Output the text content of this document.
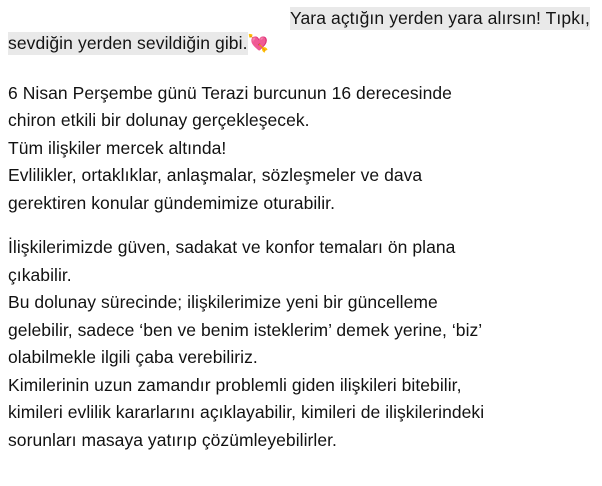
Yara açtığın yerden yara alırsın! Tıpkı,
sevdiğin yerden sevildiğin gibi.💘

6 Nisan Perşembe günü Terazi burcunun 16 derecesinde
chiron etkili bir dolunay gerçekleşecek.
Tüm ilişkiler mercek altında!
Evlilikler, ortaklıklar, anlaşmalar, sözleşmeler ve dava
gerektiren konular gündemimize oturabilir.

İlişkilerimizde güven, sadakat ve konfor temaları ön plana
çıkabilir.
Bu dolunay sürecinde; ilişkilerimize yeni bir güncelleme
gelebilir, sadece ‘ben ve benim isteklerim’ demek yerine, ‘biz’
olabilmekle ilgili çaba verebiliriz.
Kimilerinin uzun zamandır problemli giden ilişkileri bitebilir,
kimileri evlilik kararlarını açıklayabilir, kimileri de ilişkilerindeki
sorunları masaya yatırıp çözümleyebilirler.
